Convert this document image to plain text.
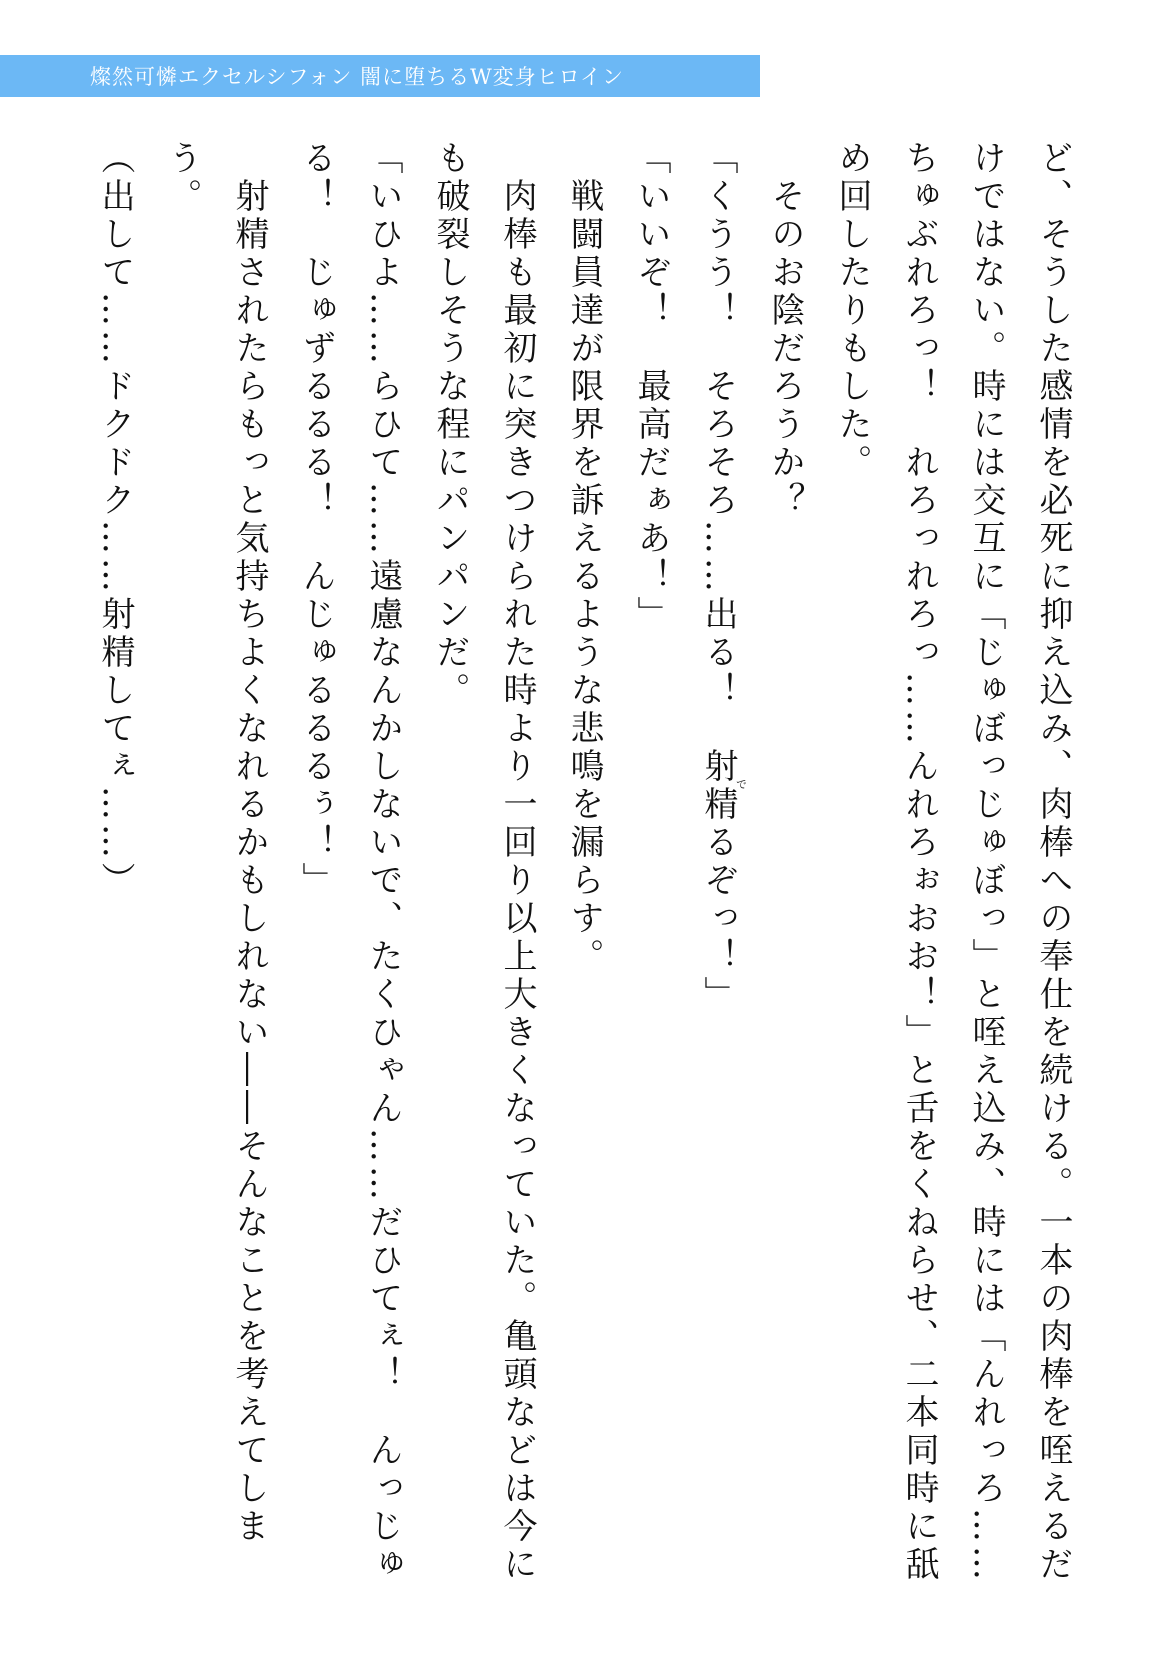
燦然可憐エクセルシフォン 闇に堕ちるW変身ヒロイン

ど、そうした感情を必死に抑え込み、肉棒への奉仕を続ける。一本の肉棒を咥えるだけではない。時には交互に「じゅぼっじゅぼっ」と咥え込み、時には「んれっろ……ちゅぶれろっ！　れろっれろっ……んれろぉおお！」と舌をくねらせ、二本同時に舐め回したりもした。

　そのお陰だろうか？

「くうう！　そろそろ……出る！　射精でるぞっ！」

「いいぞ！　最高だぁあ！」

　戦闘員達が限界を訴えるような悲鳴を漏らす。

　肉棒も最初に突きつけられた時より一回り以上大きくなっていた。亀頭などは今にも破裂しそうな程にパンパンだ。

「いひよ……らひて……遠慮なんかしないで、たくひゃん……だひてぇ！　んっじゅる！　じゅずるるる！　んじゅるるるぅ！」

　射精されたらもっと気持ちよくなれるかもしれない――そんなことを考えてしまう。

（出して……ドクドク……射精してぇ……）
